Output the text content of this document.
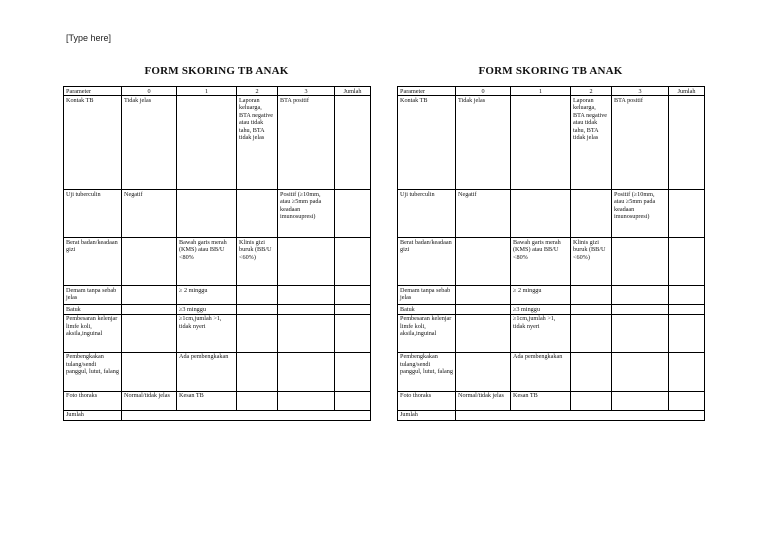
[Type here]
FORM SKORING TB ANAK
Parameter	0	1	2	3	Jumlah
Kontak TB	Tidak jelas		Laporan keluarga, BTA negative atau tidak tahu, BTA tidak jelas	BTA positif	
Uji tuberculin	Negatif			Positif (≥10mm, atau ≥5mm pada keadaan imunosupresi)	
Berat badan/keadaan gizi		Bawah garis merah (KMS) atau BB/U <80%	Klinis gizi buruk (BB/U <60%)		
Demam tanpa sebab jelas		≥ 2 minggu			
Batuk		≥3 minggu			
Pembesaran kelenjar limfe koli, aksila,inguinal		≥1cm,jumlah >1, tidak nyeri			
Pembengkakan tulang/sendi panggul, lutut, falang		Ada pembengkakan			
Foto thoraks	Normal/tidak jelas	Kesan TB			
Jumlah					
FORM SKORING TB ANAK
Parameter	0	1	2	3	Jumlah
Kontak TB	Tidak jelas		Laporan keluarga, BTA negative atau tidak tahu, BTA tidak jelas	BTA positif	
Uji tuberculin	Negatif			Positif (≥10mm, atau ≥5mm pada keadaan imunosupresi)	
Berat badan/keadaan gizi		Bawah garis merah (KMS) atau BB/U <80%	Klinis gizi buruk (BB/U <60%)		
Demam tanpa sebab jelas		≥ 2 minggu			
Batuk		≥3 minggu			
Pembesaran kelenjar limfe koli, aksila,inguinal		≥1cm,jumlah >1, tidak nyeri			
Pembengkakan tulang/sendi panggul, lutut, falang		Ada pembengkakan			
Foto thoraks	Normal/tidak jelas	Kesan TB			
Jumlah					
